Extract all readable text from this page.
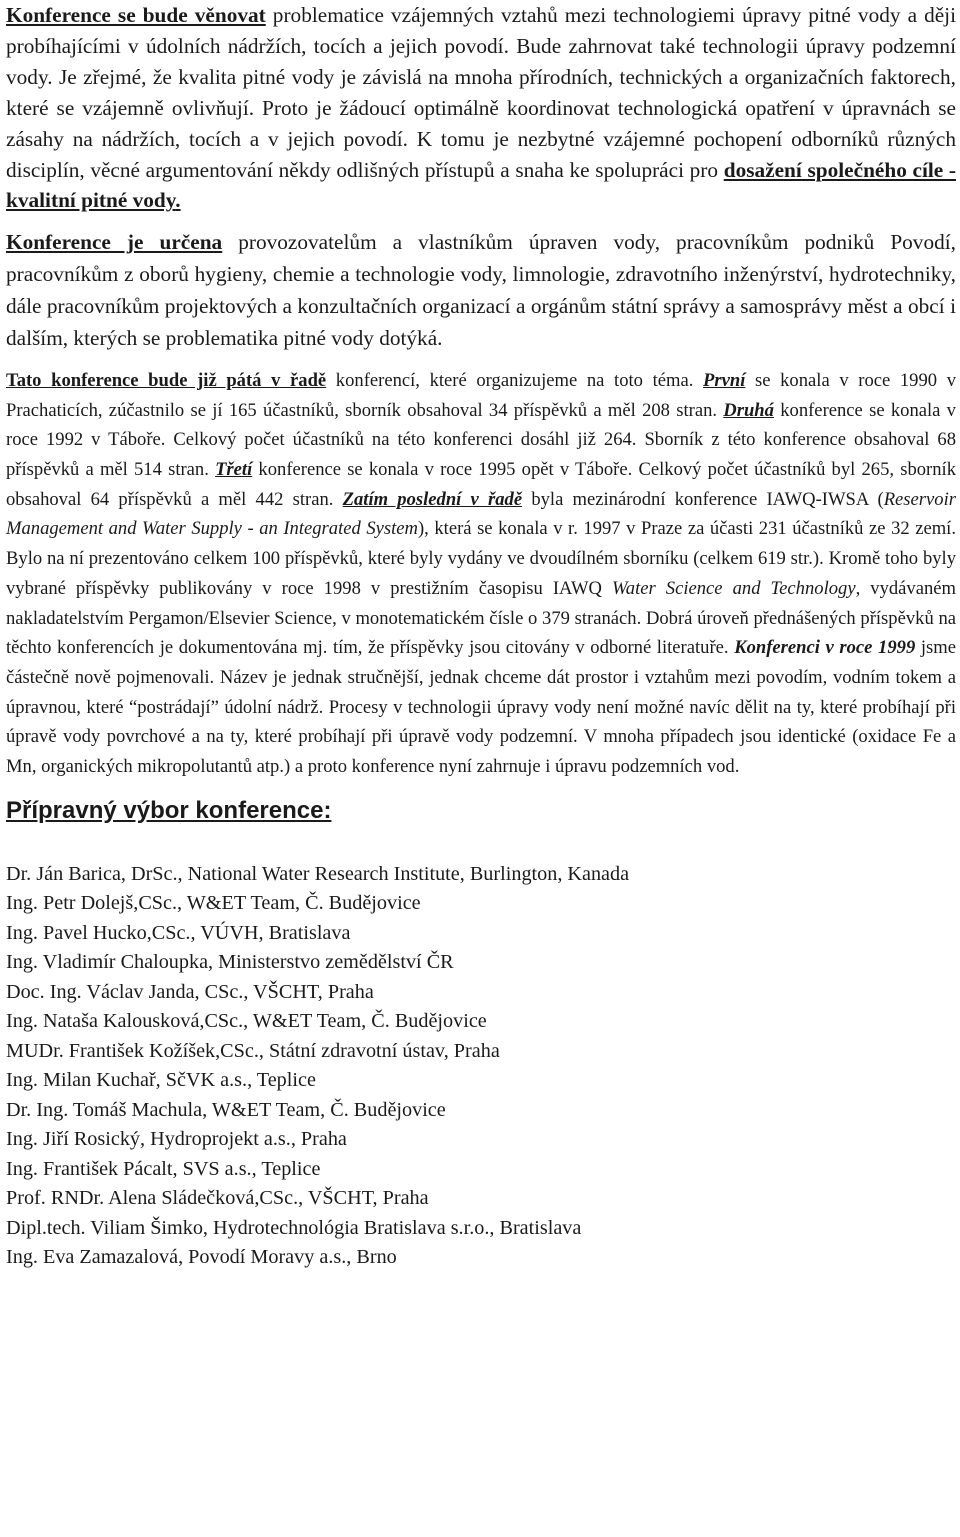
Konference se bude věnovat problematice vzájemných vztahů mezi technologiemi úpravy pitné vody a ději probíhajícími v údolních nádržích, tocích a jejich povodí. Bude zahrnovat také technologii úpravy podzemní vody. Je zřejmé, že kvalita pitné vody je závislá na mnoha přírodních, technických a organizačních faktorech, které se vzájemně ovlivňují. Proto je žádoucí optimálně koordinovat technologická opatření v úpravnách se zásahy na nádržích, tocích a v jejich povodí. K tomu je nezbytné vzájemné pochopení odborníků různých disciplín, věcné argumentování někdy odlišných přístupů a snaha ke spolupráci pro dosažení společného cíle - kvalitní pitné vody.

Konference je určena provozovatelům a vlastníkům úpraven vody, pracovníkům podniků Povodí, pracovníkům z oborů hygieny, chemie a technologie vody, limnologie, zdravotního inženýrství, hydrotechniky, dále pracovníkům projektových a konzultačních organizací a orgánům státní správy a samosprávy měst a obcí i dalším, kterých se problematika pitné vody dotýká.

Tato konference bude již pátá v řadě konferencí, které organizujeme na toto téma. První se konala v roce 1990 v Prachaticích, zúčastnilo se jí 165 účastníků, sborník obsahoval 34 příspěvků a měl 208 stran. Druhá konference se konala v roce 1992 v Táboře. Celkový počet účastníků na této konferenci dosáhl již 264. Sborník z této konference obsahoval 68 příspěvků a měl 514 stran. Třetí konference se konala v roce 1995 opět v Táboře. Celkový počet účastníků byl 265, sborník obsahoval 64 příspěvků a měl 442 stran. Zatím poslední v řadě byla mezinárodní konference IAWQ-IWSA (Reservoir Management and Water Supply - an Integrated System), která se konala v r. 1997 v Praze za účasti 231 účastníků ze 32 zemí. Bylo na ní prezentováno celkem 100 příspěvků, které byly vydány ve dvoudílném sborníku (celkem 619 str.). Kromě toho byly vybrané příspěvky publikovány v roce 1998 v prestižním časopisu IAWQ Water Science and Technology, vydávaném nakladatelstvím Pergamon/Elsevier Science, v monotematickém čísle o 379 stranách. Dobrá úroveň přednášených příspěvků na těchto konferencích je dokumentována mj. tím, že příspěvky jsou citovány v odborné literatuře. Konferenci v roce 1999 jsme částečně nově pojmenovali. Název je jednak stručnější, jednak chceme dát prostor i vztahům mezi povodím, vodním tokem a úpravnou, které “postrádají” údolní nádrž. Procesy v technologii úpravy vody není možné navíc dělit na ty, které probíhají při úpravě vody povrchové a na ty, které probíhají při úpravě vody podzemní. V mnoha případech jsou identické (oxidace Fe a Mn, organických mikropolutantů atp.) a proto konference nyní zahrnuje i úpravu podzemních vod.

Přípravný výbor konference:
Dr. Ján Barica, DrSc., National Water Research Institute, Burlington, Kanada
Ing. Petr Dolejš,CSc., W&ET Team, Č. Budějovice
Ing. Pavel Hucko,CSc., VÚVH, Bratislava
Ing. Vladimír Chaloupka, Ministerstvo zemědělství ČR
Doc. Ing. Václav Janda, CSc., VŠCHT, Praha
Ing. Nataša Kalousková,CSc., W&ET Team, Č. Budějovice
MUDr. František Kožíšek,CSc., Státní zdravotní ústav, Praha
Ing. Milan Kuchař, SčVK a.s., Teplice
Dr. Ing. Tomáš Machula, W&ET Team, Č. Budějovice
Ing. Jiří Rosický, Hydroprojekt a.s., Praha
Ing. František Pácalt, SVS a.s., Teplice
Prof. RNDr. Alena Sládečková,CSc., VŠCHT, Praha
Dipl.tech. Viliam Šimko, Hydrotechnológia Bratislava s.r.o., Bratislava
Ing. Eva Zamazalová, Povodí Moravy a.s., Brno
